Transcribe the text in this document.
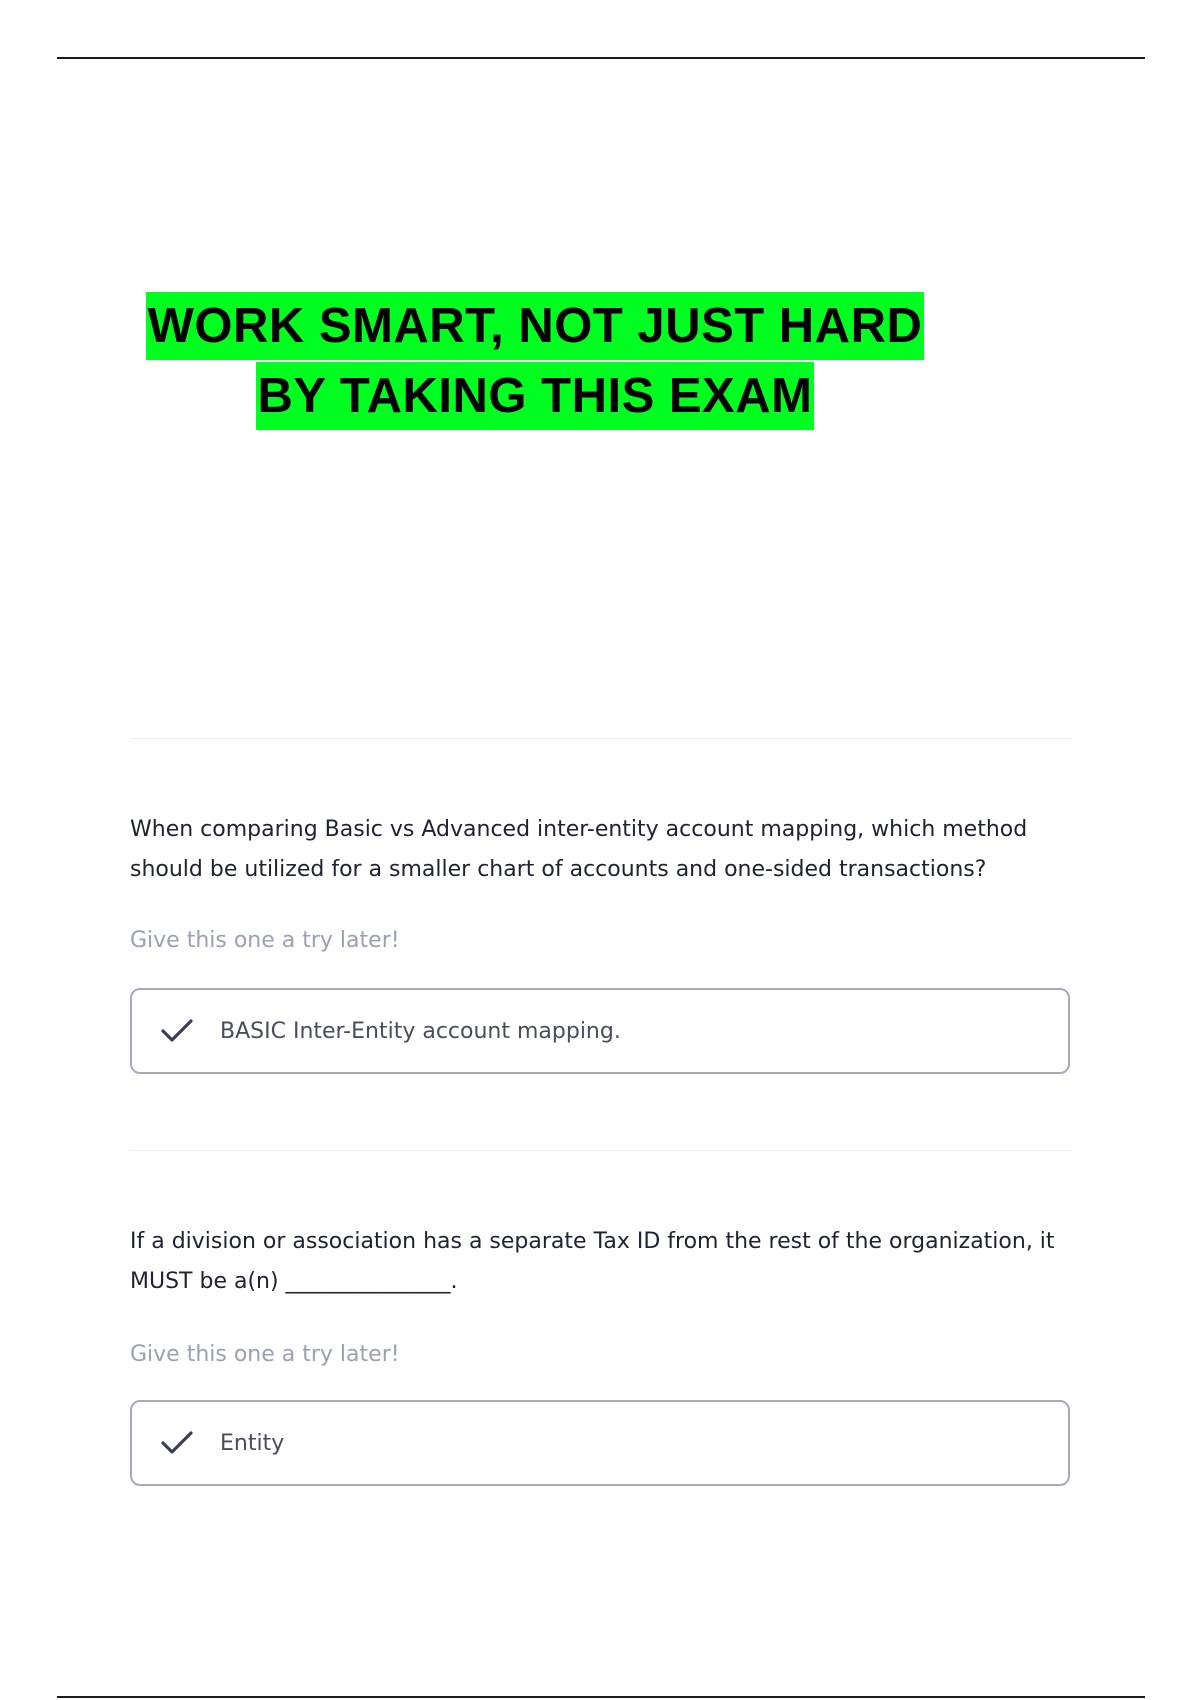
WORK SMART, NOT JUST HARD
BY TAKING THIS EXAM
When comparing Basic vs Advanced inter-entity account mapping, which method should be utilized for a smaller chart of accounts and one-sided transactions?
Give this one a try later!
BASIC Inter-Entity account mapping.
If a division or association has a separate Tax ID from the rest of the organization, it MUST be a(n) _______________.
Give this one a try later!
Entity
